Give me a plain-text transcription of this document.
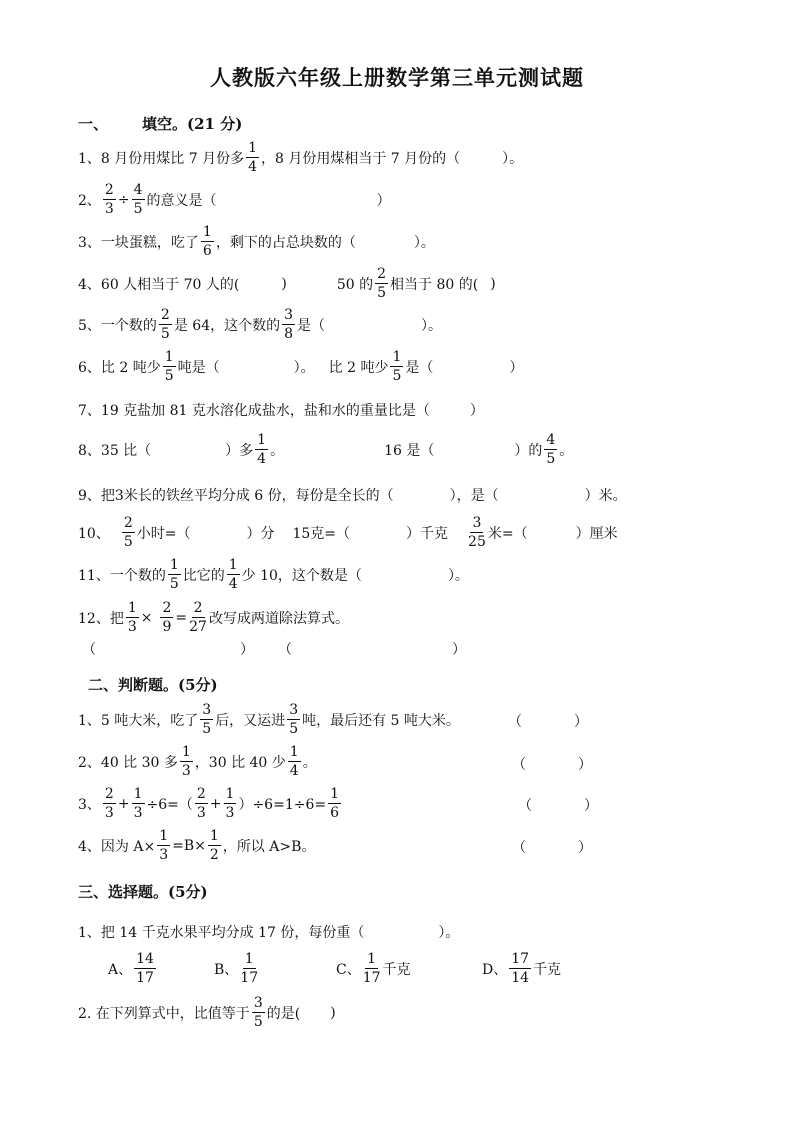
人教版六年级上册数学第三单元测试题
一、 填空。(21 分)
1、8 月份用煤比 7 月份多 $\frac{1}{4}$ ，8 月份用煤相当于 7 月份的（	）。
2、 $\frac{2}{3} \div \frac{4}{5}$ 的意义是（	）
3、一块蛋糕，吃了 $\frac{1}{6}$ ，剩下的占总块数的（	）。
4、60 人相当于 70 人的(	)	50 的 $\frac{2}{5}$ 相当于 80 的( )
5、一个数的 $\frac{2}{5}$ 是 64，这个数的 $\frac{3}{8}$ 是（	）。
6、比 2 吨少 $\frac{1}{5}$ 吨是（	）。 比 2 吨少 $\frac{1}{5}$ 是（	）
7、19 克盐加 81 克水溶化成盐水，盐和水的重量比是（	）
8、35 比（	）多 $\frac{1}{4}$ 。	16 是（	）的 $\frac{4}{5}$ 。
9、把3米长的铁丝平均分成 6 份，每份是全长的（	），是（	）米。
10、 $\frac{2}{5}$ 小时=（	）分 15克=（	）千克 $\frac{3}{25}$ 米=（	）厘米
11、一个数的 $\frac{1}{5}$ 比它的 $\frac{1}{4}$ 少 10，这个数是（	）。
12、把 $\frac{1}{3} \times \frac{2}{9} = \frac{2}{27}$ 改写成两道除法算式。
（	） （	）
二、判断题。(5分)
1、5 吨大米，吃了 $\frac{3}{5}$ 后，又运进 $\frac{3}{5}$ 吨，最后还有 5 吨大米。	（	）
2、40 比 30 多 $\frac{1}{3}$ ，30 比 40 少 $\frac{1}{4}$ 。	（	）
3、 $\frac{2}{3} + \frac{1}{3} \div 6=( \frac{2}{3} + \frac{1}{3} )\div 6=1\div 6= \frac{1}{6}$	（	）
4、因为 $A\times \frac{1}{3} =B\times \frac{1}{2}$ ，所以 A>B。	（	）
三、选择题。(5分)
1、把 14 千克水果平均分成 17 份，每份重（	）。
A、 $\frac{14}{17}$	B、 $\frac{1}{17}$	C、 $\frac{1}{17}$ 千克	D、 $\frac{17}{14}$ 千克
2. 在下列算式中，比值等于 $\frac{3}{5}$ 的是( )
